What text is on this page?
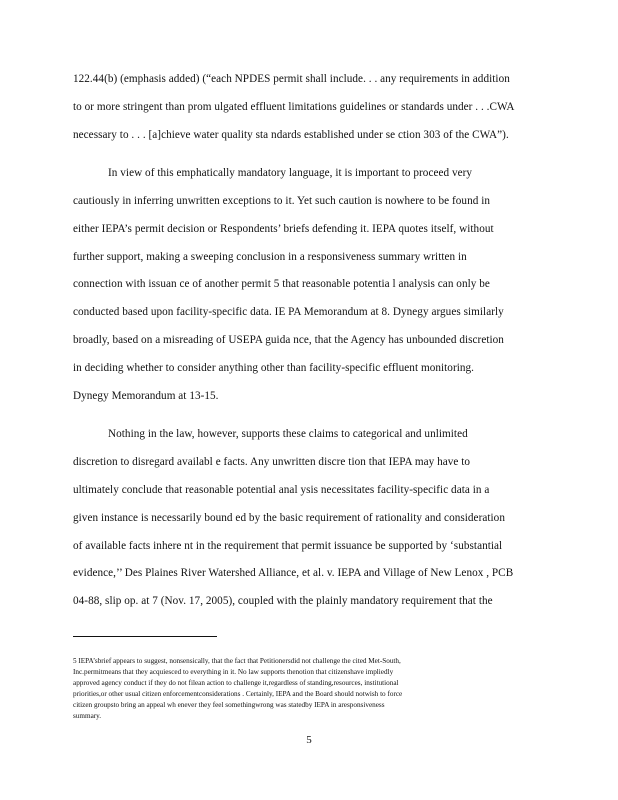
122.44(b) (emphasis added) (“each NPDES permit shall include. . . any requirements in addition
to or more stringent than prom ulgated effluent limitations guidelines or standards under . . .CWA
necessary to . . . [a]chieve water quality sta ndards established under se ction 303 of the CWA”).
In view of this emphatically mandatory language, it is important to proceed very
cautiously in inferring unwritten exceptions to it. Yet such caution is nowhere to be found in
either IEPA’s permit decision or Respondents’ briefs defending it. IEPA quotes itself, without
further support, making a sweeping conclusion in a responsiveness summary written in
connection with issuan ce of another permit 5 that reasonable potentia l analysis can only be
conducted based upon facility-specific data. IE PA Memorandum at 8. Dynegy argues similarly
broadly, based on a misreading of USEPA guida nce, that the Agency has unbounded discretion
in deciding whether to consider anything other than facility-specific effluent monitoring.
Dynegy Memorandum at 13-15.
Nothing in the law, however, supports these claims to categorical and unlimited
discretion to disregard availabl e facts. Any unwritten discre tion that IEPA may have to
ultimately conclude that reasonable potential anal ysis necessitates facility-specific data in a
given instance is necessarily bound ed by the basic requirement of rationality and consideration
of available facts inhere nt in the requirement that permit issuance be supported by ‘substantial
evidence,’’ Des Plaines River Watershed Alliance, et al. v. IEPA and Village of New Lenox , PCB
04-88, slip op. at 7 (Nov. 17, 2005), coupled with the plainly mandatory requirement that the
5 IEPA’sbrief appears to suggest, nonsensically, that the fact that Petitionersdid not challenge the cited Met-South,
Inc.permitmeans that they acquiesced to everything in it. No law supports thenotion that citizenshave impliedly
approved agency conduct if they do not filean action to challenge it,regardless of standing,resources, institutional
priorities,or other usual citizen enforcementconsiderations . Certainly, IEPA and the Board should notwish to force
citizen groupsto bring an appeal wh enever they feel somethingwrong was statedby IEPA in aresponsiveness
summary.
5
